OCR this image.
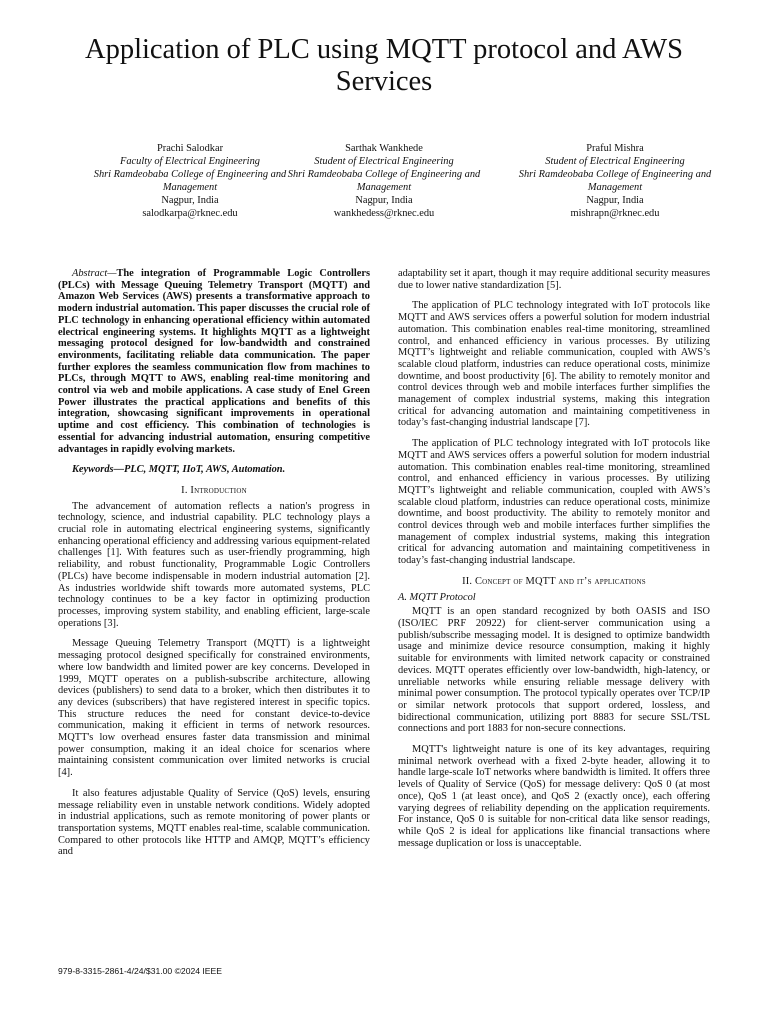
Application of PLC using MQTT protocol and AWS Services
Prachi Salodkar
Faculty of Electrical Engineering
Shri Ramdeobaba College of Engineering and Management
Nagpur, India
salodkarpa@rknec.edu
Sarthak Wankhede
Student of Electrical Engineering
Shri Ramdeobaba College of Engineering and Management
Nagpur, India
wankhedess@rknec.edu
Praful Mishra
Student of Electrical Engineering
Shri Ramdeobaba College of Engineering and Management
Nagpur, India
mishrapn@rknec.edu

Abstract—The integration of Programmable Logic Controllers (PLCs) with Message Queuing Telemetry Transport (MQTT) and Amazon Web Services (AWS) presents a transformative approach to modern industrial automation. This paper discusses the crucial role of PLC technology in enhancing operational efficiency within automated electrical engineering systems. It highlights MQTT as a lightweight messaging protocol designed for low-bandwidth and constrained environments, facilitating reliable data communication. The paper further explores the seamless communication flow from machines to PLCs, through MQTT to AWS, enabling real-time monitoring and control via web and mobile applications. A case study of Enel Green Power illustrates the practical applications and benefits of this integration, showcasing significant improvements in operational uptime and cost efficiency. This combination of technologies is essential for advancing industrial automation, ensuring competitive advantages in rapidly evolving markets.

Keywords—PLC, MQTT, IIoT, AWS, Automation.

I. Introduction

The advancement of automation reflects a nation's progress in technology, science, and industrial capability. PLC technology plays a crucial role in automating electrical engineering systems, significantly enhancing operational efficiency and addressing various equipment-related challenges [1]. With features such as user-friendly programming, high reliability, and robust functionality, Programmable Logic Controllers (PLCs) have become indispensable in modern industrial automation [2]. As industries worldwide shift towards more automated systems, PLC technology continues to be a key factor in optimizing production processes, improving system stability, and enabling efficient, large-scale operations [3].

Message Queuing Telemetry Transport (MQTT) is a lightweight messaging protocol designed specifically for constrained environments, where low bandwidth and limited power are key concerns. Developed in 1999, MQTT operates on a publish-subscribe architecture, allowing devices (publishers) to send data to a broker, which then distributes it to any devices (subscribers) that have registered interest in specific topics. This structure reduces the need for constant device-to-device communication, making it efficient in terms of network resources. MQTT's low overhead ensures faster data transmission and minimal power consumption, making it an ideal choice for scenarios where maintaining consistent communication over limited networks is crucial [4].

It also features adjustable Quality of Service (QoS) levels, ensuring message reliability even in unstable network conditions. Widely adopted in industrial applications, such as remote monitoring of power plants or transportation systems, MQTT enables real-time, scalable communication. Compared to other protocols like HTTP and AMQP, MQTT’s efficiency and

adaptability set it apart, though it may require additional security measures due to lower native standardization [5].

The application of PLC technology integrated with IoT protocols like MQTT and AWS services offers a powerful solution for modern industrial automation. This combination enables real-time monitoring, streamlined control, and enhanced efficiency in various processes. By utilizing MQTT’s lightweight and reliable communication, coupled with AWS’s scalable cloud platform, industries can reduce operational costs, minimize downtime, and boost productivity [6]. The ability to remotely monitor and control devices through web and mobile interfaces further simplifies the management of complex industrial systems, making this integration critical for advancing automation and maintaining competitiveness in today’s fast-changing industrial landscape [7].

The application of PLC technology integrated with IoT protocols like MQTT and AWS services offers a powerful solution for modern industrial automation. This combination enables real-time monitoring, streamlined control, and enhanced efficiency in various processes. By utilizing MQTT’s lightweight and reliable communication, coupled with AWS’s scalable cloud platform, industries can reduce operational costs, minimize downtime, and boost productivity. The ability to remotely monitor and control devices through web and mobile interfaces further simplifies the management of complex industrial systems, making this integration critical for advancing automation and maintaining competitiveness in today’s fast-changing industrial landscape.

II. Concept of MQTT and it’s applications
A. MQTT Protocol

MQTT is an open standard recognized by both OASIS and ISO (ISO/IEC PRF 20922) for client-server communication using a publish/subscribe messaging model. It is designed to optimize bandwidth usage and minimize device resource consumption, making it highly suitable for environments with limited network capacity or constrained devices. MQTT operates efficiently over low-bandwidth, high-latency, or unreliable networks while ensuring reliable message delivery with minimal power consumption. The protocol typically operates over TCP/IP or similar network protocols that support ordered, lossless, and bidirectional communication, utilizing port 8883 for secure SSL/TSL connections and port 1883 for non-secure connections.

MQTT's lightweight nature is one of its key advantages, requiring minimal network overhead with a fixed 2-byte header, allowing it to handle large-scale IoT networks where bandwidth is limited. It offers three levels of Quality of Service (QoS) for message delivery: QoS 0 (at most once), QoS 1 (at least once), and QoS 2 (exactly once), each offering varying degrees of reliability depending on the application requirements. For instance, QoS 0 is suitable for non-critical data like sensor readings, while QoS 2 is ideal for applications like financial transactions where message duplication or loss is unacceptable.

979-8-3315-2861-4/24/$31.00 ©2024 IEEE
